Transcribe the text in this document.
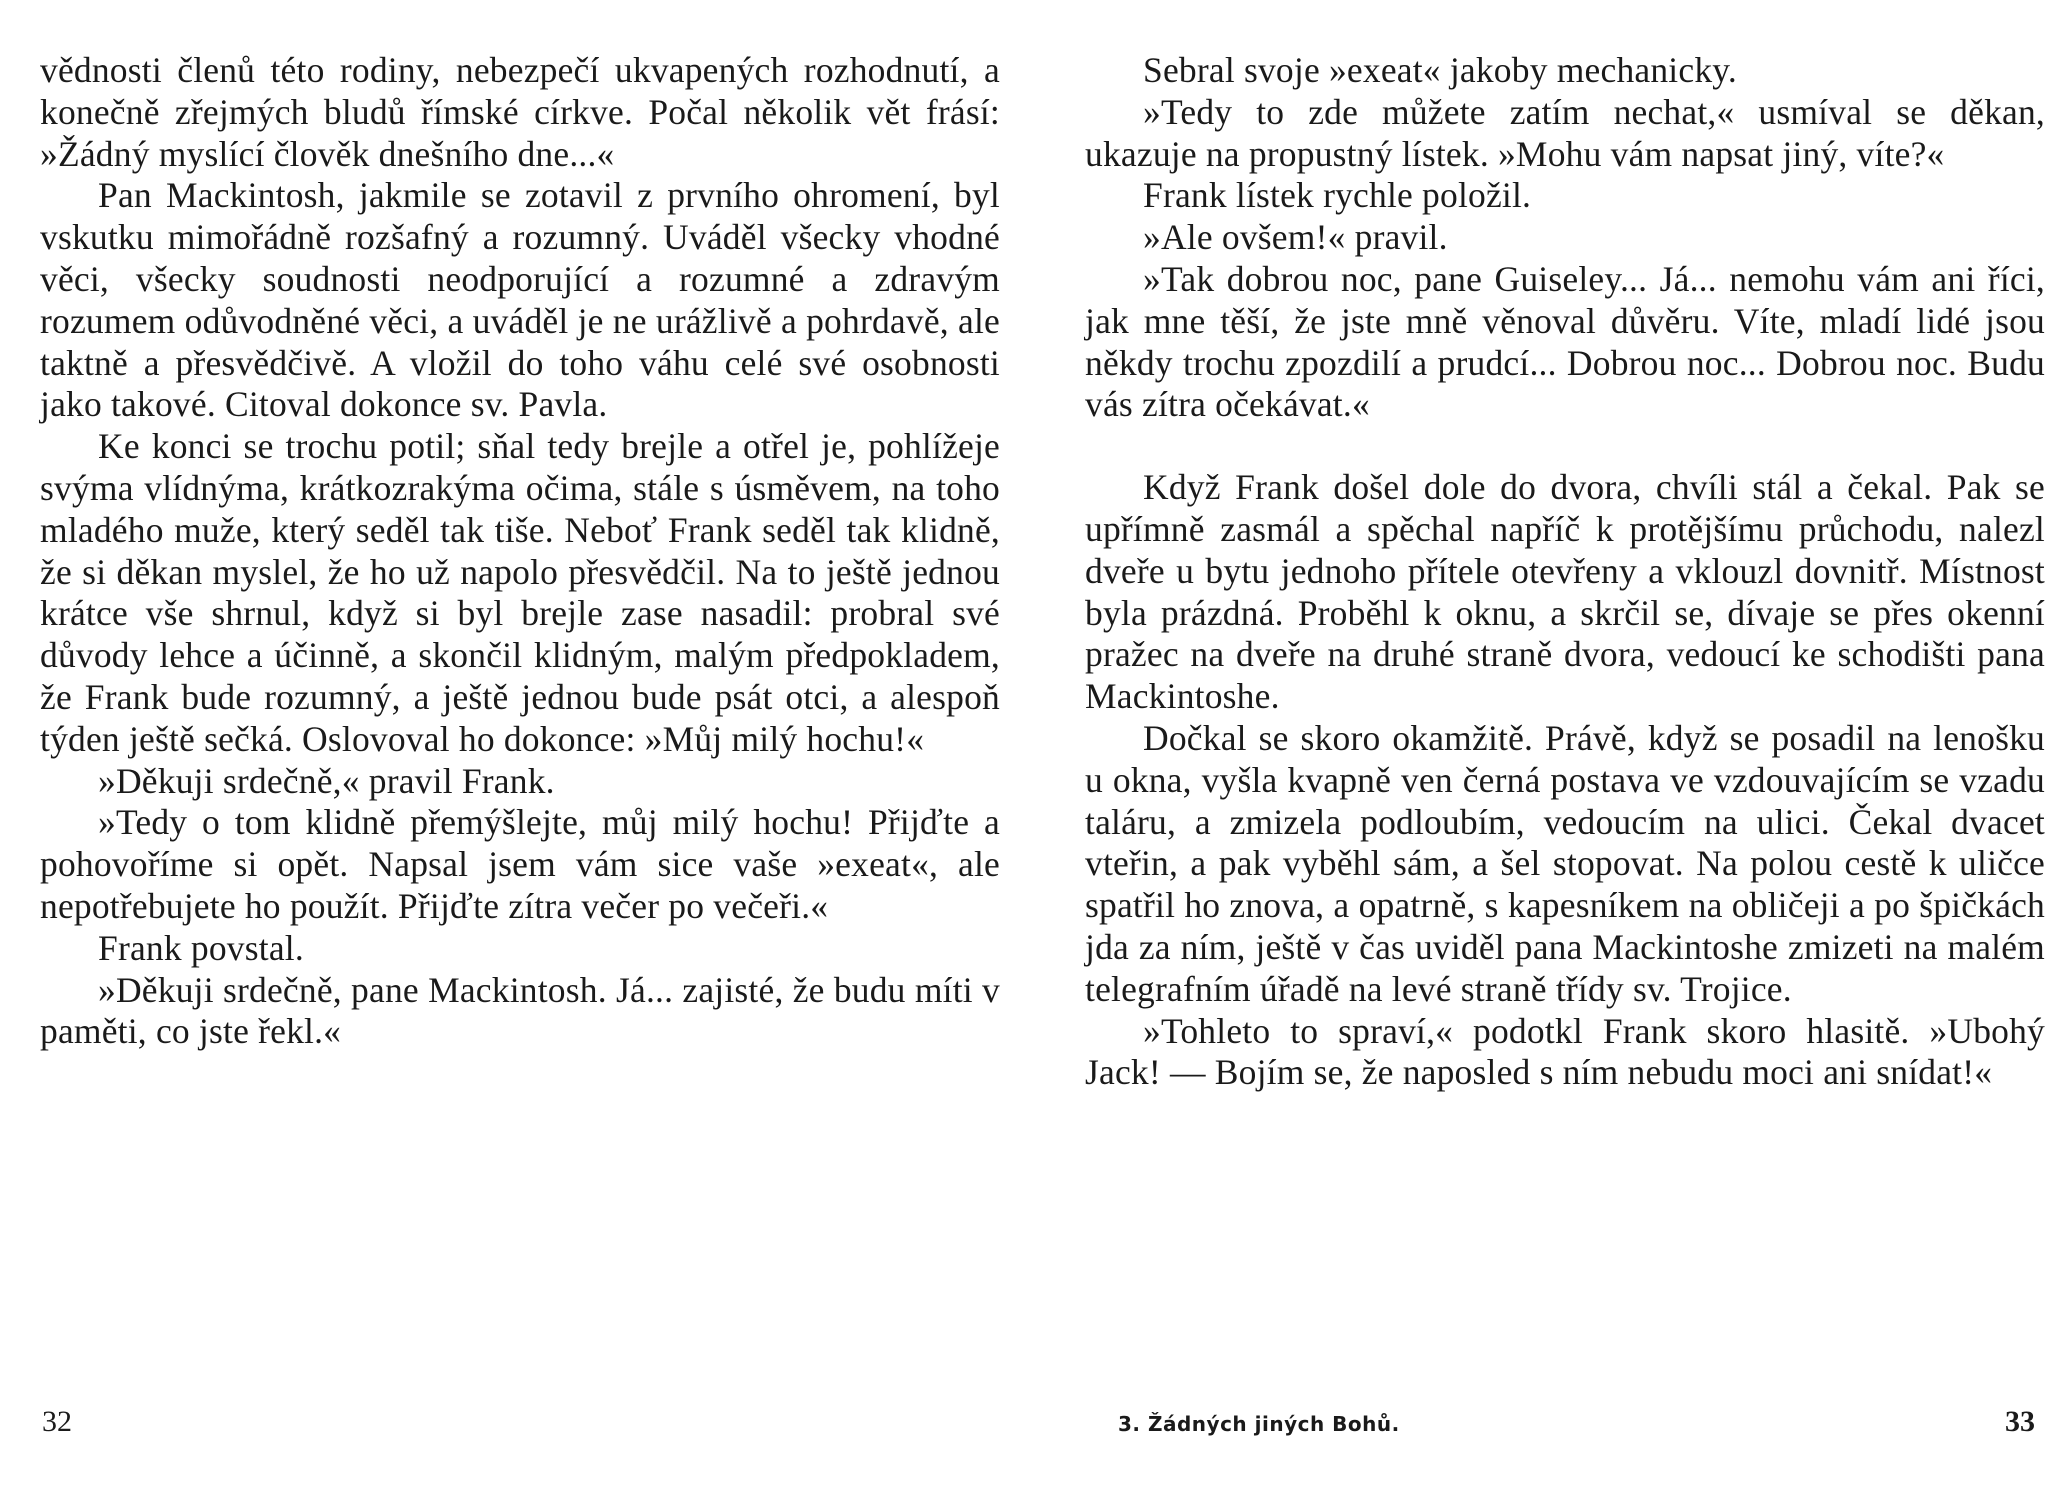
vědnosti členů této rodiny, nebezpečí ukvapených rozhodnutí, a konečně zřejmých bludů římské církve. Počal několik vět frásí: »Žádný myslící člověk dnešního dne...«

Pan Mackintosh, jakmile se zotavil z prvního ohromení, byl vskutku mimořádně rozšafný a rozumný. Uváděl všecky vhodné věci, všecky soudnosti neodporující a rozumné a zdravým rozumem odůvodněné věci, a uváděl je ne urážlivě a pohrdavě, ale taktně a přesvědčivě. A vložil do toho váhu celé své osobnosti jako takové. Citoval dokonce sv. Pavla.

Ke konci se trochu potil; sňal tedy brejle a otřel je, pohlížeje svýma vlídnýma, krátkozrakýma očima, stále s úsměvem, na toho mladého muže, který seděl tak tiše. Neboť Frank seděl tak klidně, že si děkan myslel, že ho už napolo přesvědčil. Na to ještě jednou krátce vše shrnul, když si byl brejle zase nasadil: probral své důvody lehce a účinně, a skončil klidným, malým předpokladem, že Frank bude rozumný, a ještě jednou bude psát otci, a alespoň týden ještě sečká. Oslovoval ho dokonce: »Můj milý hochu!«

»Děkuji srdečně,« pravil Frank.

»Tedy o tom klidně přemýšlejte, můj milý hochu! Přijďte a pohovoříme si opět. Napsal jsem vám sice vaše »exeat«, ale nepotřebujete ho použít. Přijďte zítra večer po večeři.«

Frank povstal.

»Děkuji srdečně, pane Mackintosh. Já... zajisté, že budu míti v paměti, co jste řekl.«

32

Sebral svoje »exeat« jakoby mechanicky.

»Tedy to zde můžete zatím nechat,« usmíval se děkan, ukazuje na propustný lístek. »Mohu vám napsat jiný, víte?«

Frank lístek rychle položil.

»Ale ovšem!« pravil.

»Tak dobrou noc, pane Guiseley... Já... nemohu vám ani říci, jak mne těší, že jste mně věnoval důvěru. Víte, mladí lidé jsou někdy trochu zpozdilí a prudcí... Dobrou noc... Dobrou noc. Budu vás zítra očekávat.«

Když Frank došel dole do dvora, chvíli stál a čekal. Pak se upřímně zasmál a spěchal napříč k protějšímu průchodu, nalezl dveře u bytu jednoho přítele otevřeny a vklouzl dovnitř. Místnost byla prázdná. Proběhl k oknu, a skrčil se, dívaje se přes okenní pražec na dveře na druhé straně dvora, vedoucí ke schodišti pana Mackintoshe.

Dočkal se skoro okamžitě. Právě, když se posadil na lenošku u okna, vyšla kvapně ven černá postava ve vzdouvajícím se vzadu taláru, a zmizela podloubím, vedoucím na ulici. Čekal dvacet vteřin, a pak vyběhl sám, a šel stopovat. Na polou cestě k uličce spatřil ho znova, a opatrně, s kapesníkem na obličeji a po špičkách jda za ním, ještě v čas uviděl pana Mackintoshe zmizeti na malém telegrafním úřadě na levé straně třídy sv. Trojice.

»Tohleto to spraví,« podotkl Frank skoro hlasitě. »Ubohý Jack! — Bojím se, že naposled s ním nebudu moci ani snídat!«

3. Žádných jiných Bohů.	33
